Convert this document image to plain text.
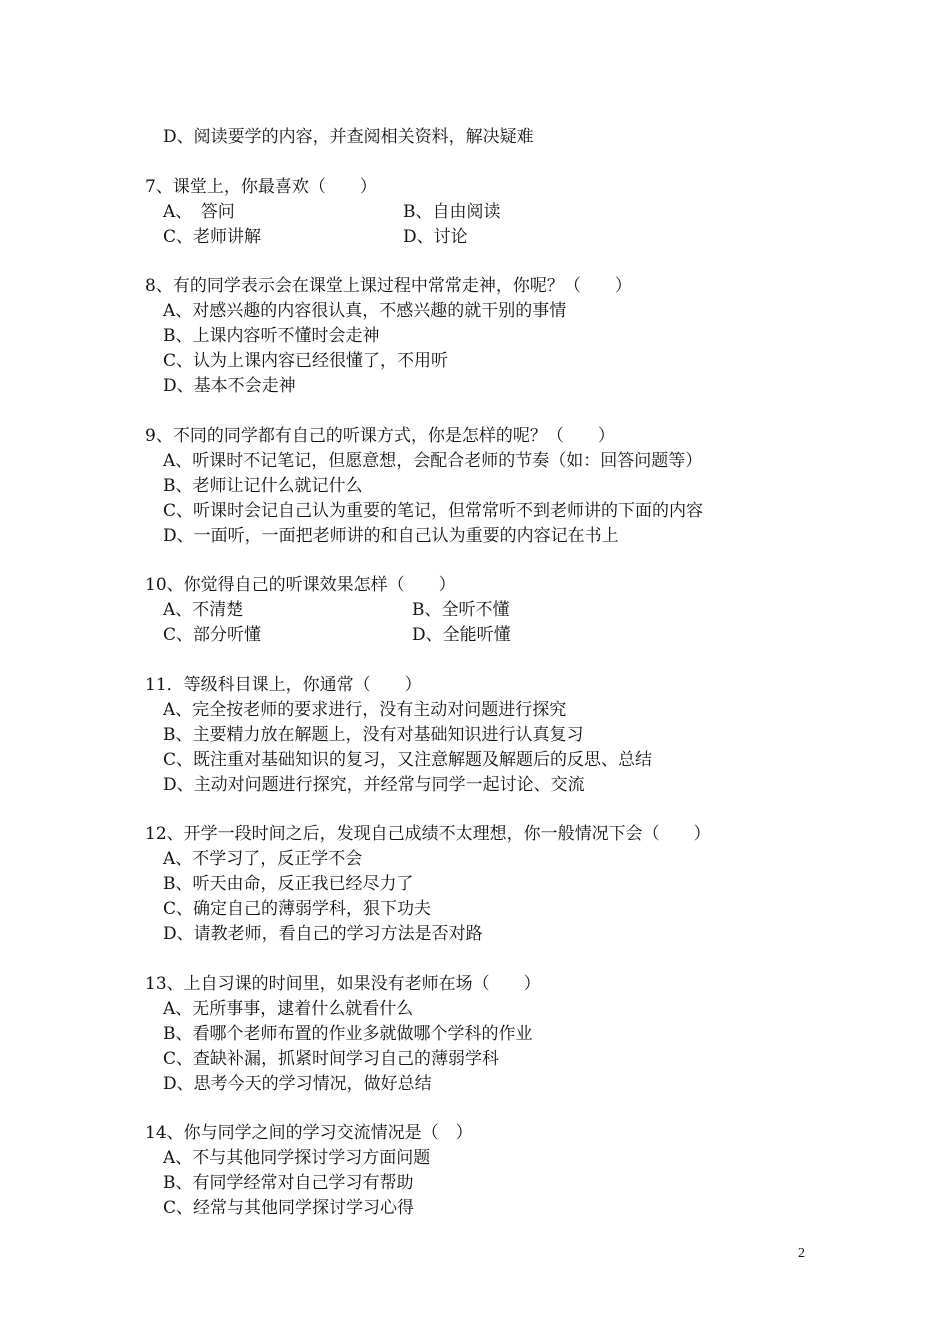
D、阅读要学的内容，并查阅相关资料，解决疑难
7、课堂上，你最喜欢（　　）
A、　答问	B、自由阅读
C、老师讲解	D、讨论
8、有的同学表示会在课堂上课过程中常常走神，你呢？（　　）
A、对感兴趣的内容很认真，不感兴趣的就干别的事情
B、上课内容听不懂时会走神
C、认为上课内容已经很懂了，不用听
D、基本不会走神
9、不同的同学都有自己的听课方式，你是怎样的呢？（　　）
A、听课时不记笔记，但愿意想，会配合老师的节奏（如：回答问题等）
B、老师让记什么就记什么
C、听课时会记自己认为重要的笔记，但常常听不到老师讲的下面的内容
D、一面听，一面把老师讲的和自己认为重要的内容记在书上
10、你觉得自己的听课效果怎样（　　）
A、不清楚	B、全听不懂
C、部分听懂	D、全能听懂
11．等级科目课上，你通常（　　）
A、完全按老师的要求进行，没有主动对问题进行探究
B、主要精力放在解题上，没有对基础知识进行认真复习
C、既注重对基础知识的复习，又注意解题及解题后的反思、总结
D、主动对问题进行探究，并经常与同学一起讨论、交流
12、开学一段时间之后，发现自己成绩不太理想，你一般情况下会（　　）
A、不学习了，反正学不会
B、听天由命，反正我已经尽力了
C、确定自己的薄弱学科，狠下功夫
D、请教老师，看自己的学习方法是否对路
13、上自习课的时间里，如果没有老师在场（　　）
A、无所事事，逮着什么就看什么
B、看哪个老师布置的作业多就做哪个学科的作业
C、查缺补漏，抓紧时间学习自己的薄弱学科
D、思考今天的学习情况，做好总结
14、你与同学之间的学习交流情况是（　）
A、不与其他同学探讨学习方面问题
B、有同学经常对自己学习有帮助
C、经常与其他同学探讨学习心得
2
